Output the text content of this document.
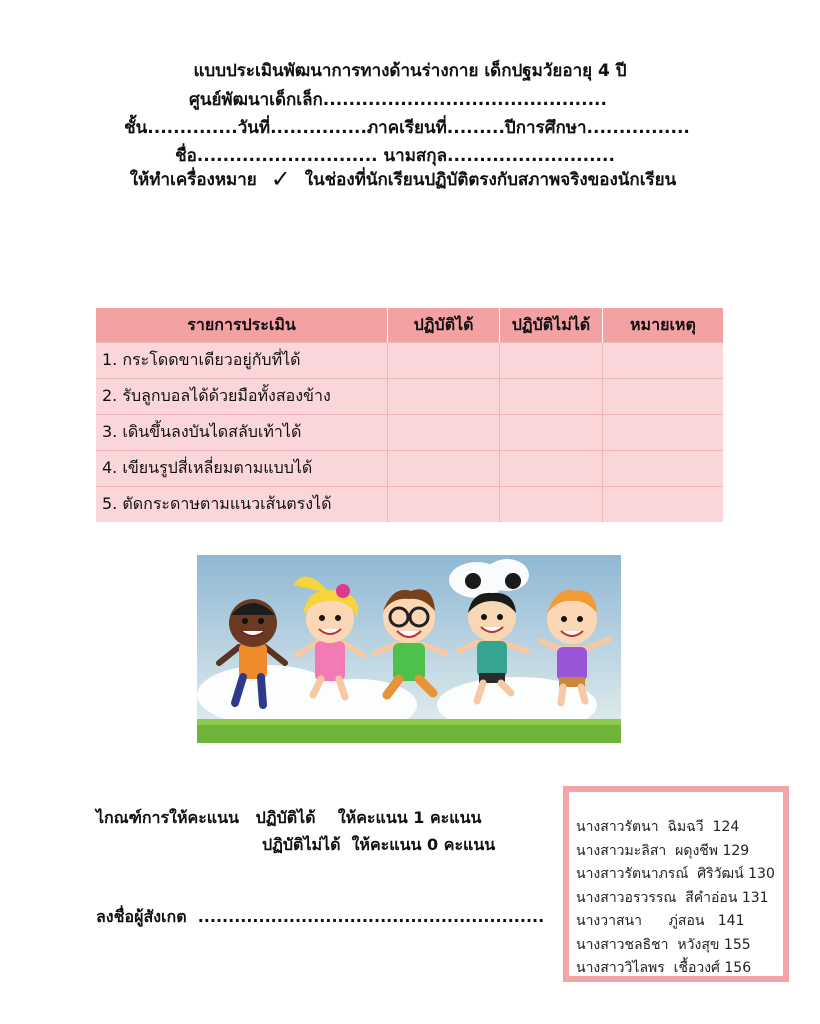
แบบประเมินพัฒนาการทางด้านร่างกาย เด็กปฐมวัยอายุ 4 ปี
ศูนย์พัฒนาเด็กเล็ก............................................
ชั้น..............วันที่...............ภาคเรียนที่.........ปีการศึกษา................
ชื่อ............................ นามสกุล..........................
ให้ทำเครื่องหมาย ✓ ในช่องที่นักเรียนปฏิบัติตรงกับสภาพจริงของนักเรียน
รายการประเมิน	ปฏิบัติได้	ปฏิบัติไม่ได้	หมายเหตุ
1. กระโดดขาเดียวอยู่กับที่ได้			
2. รับลูกบอลได้ด้วยมือทั้งสองข้าง			
3. เดินขึ้นลงบันไดสลับเท้าได้			
4. เขียนรูปสี่เหลี่ยมตามแบบได้			
5. ตัดกระดาษตามแนวเส้นตรงได้			
ไกณฑ์การให้คะแนน   ปฏิบัติได้    ให้คะแนน 1 คะแนน
ปฏิบัติไม่ได้  ให้คะแนน 0 คะแนน
ลงชื่อผู้สังเกต  .........................................................
นางสาวรัตนา  ฉิมฉวี  124
นางสาวมะลิสา  ผดุงชีพ 129
นางสาวรัตนาภรณ์  ศิริวัฒน์ 130
นางสาวอรวรรณ  สีคำอ่อน 131
นางวาสนา      ภู่สอน   141
นางสาวชลธิชา  หวังสุข 155
นางสาววิไลพร  เชื้อวงศ์ 156
